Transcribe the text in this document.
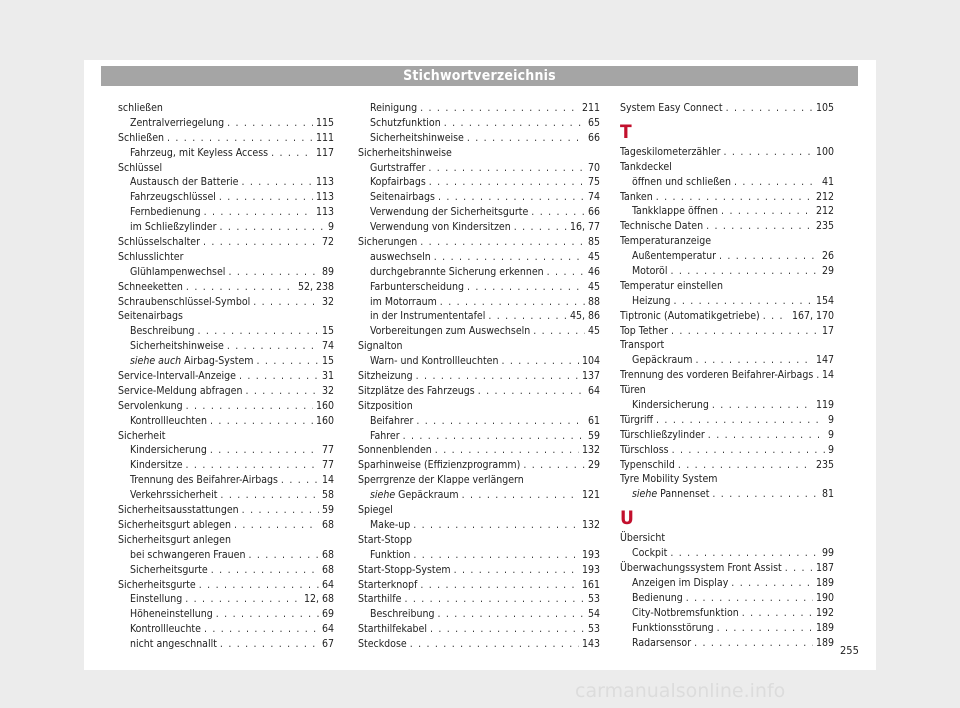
Stichwortverzeichnis
schließen
Zentralverriegelung . . .	115
Schließen . . .	111
Fahrzeug, mit Keyless Access . . .	117
Schlüssel
Austausch der Batterie . . .	113
Fahrzeugschlüssel . . .	113
Fernbedienung . . .	113
im Schließzylinder . . .	9
Schlüsselschalter . . .	72
Schlusslichter
Glühlampenwechsel . . .	89
Schneeketten . . .	52, 238
Schraubenschlüssel-Symbol . . .	32
Seitenairbags
Beschreibung . . .	15
Sicherheitshinweise . . .	74
siehe auch Airbag-System . . .	15
Service-Intervall-Anzeige . . .	31
Service-Meldung abfragen . . .	32
Servolenkung . . .	160
Kontrollleuchten . . .	160
Sicherheit
Kindersicherung . . .	77
Kindersitze . . .	77
Trennung des Beifahrer-Airbags . . .	14
Verkehrssicherheit . . .	58
Sicherheitsausstattungen . . .	59
Sicherheitsgurt ablegen . . .	68
Sicherheitsgurt anlegen
bei schwangeren Frauen . . .	68
Sicherheitsgurte . . .	68
Sicherheitsgurte . . .	64
Einstellung . . .	12, 68
Höheneinstellung . . .	69
Kontrollleuchte . . .	64
nicht angeschnallt . . .	67
Reinigung . . .	211
Schutzfunktion . . .	65
Sicherheitshinweise . . .	66
Sicherheitshinweise
Gurtstraffer . . .	70
Kopfairbags . . .	75
Seitenairbags . . .	74
Verwendung der Sicherheitsgurte . . .	66
Verwendung von Kindersitzen . . .	16, 77
Sicherungen . . .	85
auswechseln . . .	45
durchgebrannte Sicherung erkennen . . .	46
Farbunterscheidung . . .	45
im Motorraum . . .	88
in der Instrumententafel . . .	45, 86
Vorbereitungen zum Auswechseln . . .	45
Signalton
Warn- und Kontrollleuchten . . .	104
Sitzheizung . . .	137
Sitzplätze des Fahrzeugs . . .	64
Sitzposition
Beifahrer . . .	61
Fahrer . . .	59
Sonnenblenden . . .	132
Sparhinweise (Effizienzprogramm) . . .	29
Sperrgrenze der Klappe verlängern
siehe Gepäckraum . . .	121
Spiegel
Make-up . . .	132
Start-Stopp
Funktion . . .	193
Start-Stopp-System . . .	193
Starterknopf . . .	161
Starthilfe . . .	53
Beschreibung . . .	54
Starthilfekabel . . .	53
Steckdose . . .	143
System Easy Connect . . .	105
T
Tageskilometerzähler . . .	100
Tankdeckel
öffnen und schließen . . .	41
Tanken . . .	212
Tankklappe öffnen . . .	212
Technische Daten . . .	235
Temperaturanzeige
Außentemperatur . . .	26
Motoröl . . .	29
Temperatur einstellen
Heizung . . .	154
Tiptronic (Automatikgetriebe) . . .	167, 170
Top Tether . . .	17
Transport
Gepäckraum . . .	147
Trennung des vorderen Beifahrer-Airbags . . . 14
Türen
Kindersicherung . . .	119
Türgriff . . .	9
Türschließzylinder . . .	9
Türschloss . . .	9
Typenschild . . .	235
Tyre Mobility System
siehe Pannenset . . .	81
U
Übersicht
Cockpit . . .	99
Überwachungssystem Front Assist . . .	187
Anzeigen im Display . . .	189
Bedienung . . .	190
City-Notbremsfunktion . . .	192
Funktionsstörung . . .	189
Radarsensor . . .	189
255
carmanualsonline.info
